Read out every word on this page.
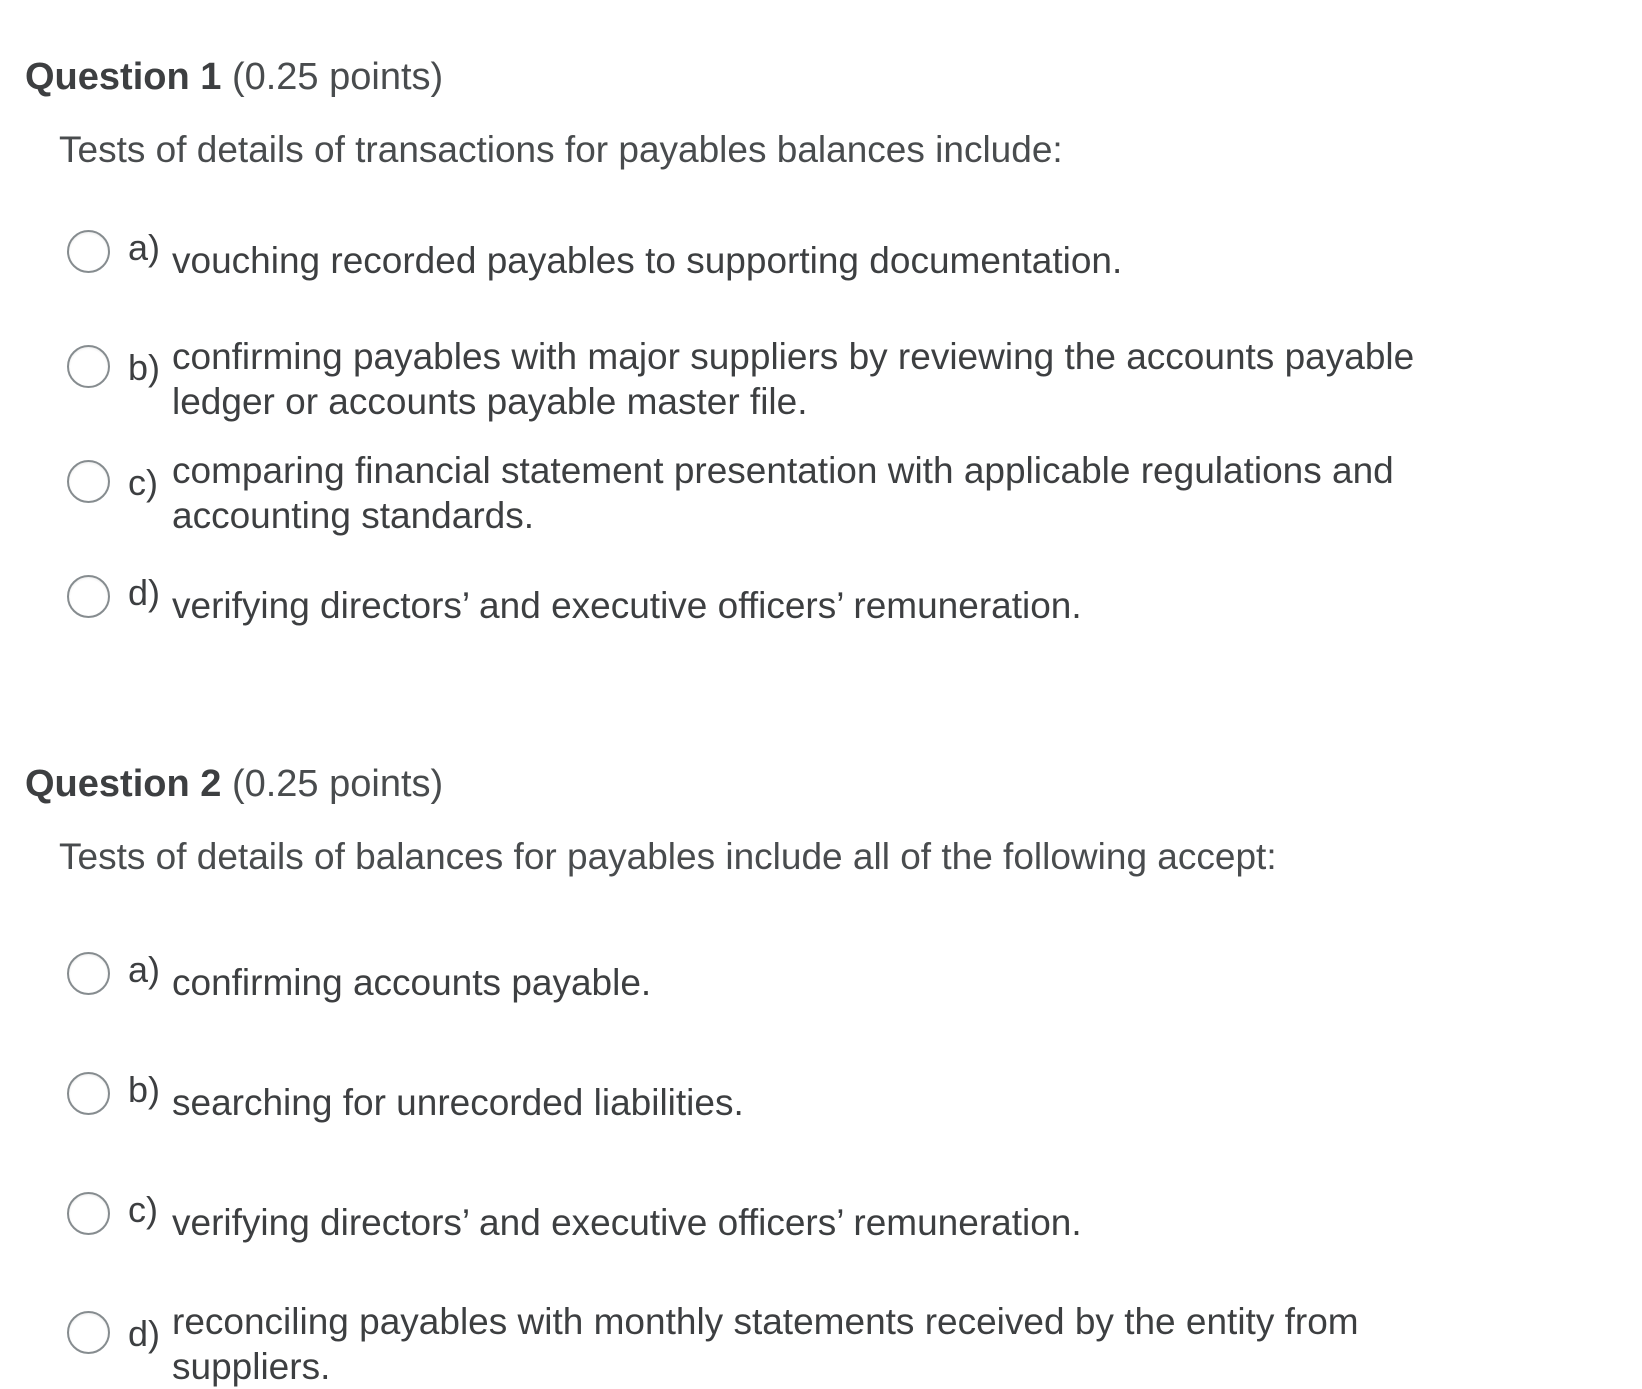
Question 1 (0.25 points)
Tests of details of transactions for payables balances include:
a) vouching recorded payables to supporting documentation.
b) confirming payables with major suppliers by reviewing the accounts payable ledger or accounts payable master file.
c) comparing financial statement presentation with applicable regulations and accounting standards.
d) verifying directors’ and executive officers’ remuneration.
Question 2 (0.25 points)
Tests of details of balances for payables include all of the following accept:
a) confirming accounts payable.
b) searching for unrecorded liabilities.
c) verifying directors’ and executive officers’ remuneration.
d) reconciling payables with monthly statements received by the entity from suppliers.
